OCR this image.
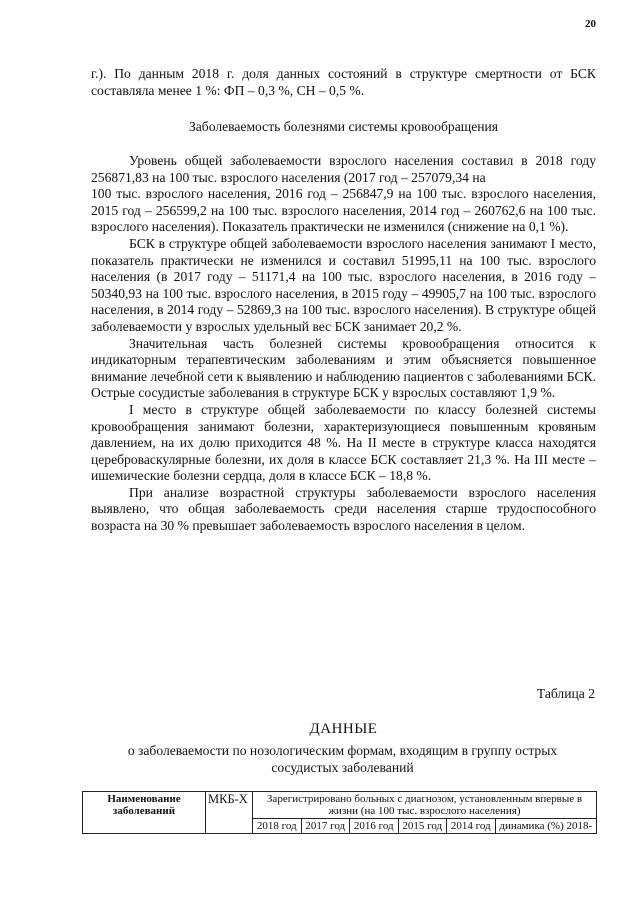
20

г.). По данным 2018 г. доля данных состояний в структуре смертности от БСК составляла менее 1 %: ФП – 0,3 %, СН – 0,5 %.

Заболеваемость болезнями системы кровообращения

Уровень общей заболеваемости взрослого населения составил в 2018 году 256871,83 на 100 тыс. взрослого населения (2017 год – 257079,34 на

100 тыс. взрослого населения, 2016 год – 256847,9 на 100 тыс. взрослого населения, 2015 год – 256599,2 на 100 тыс. взрослого населения, 2014 год – 260762,6 на 100 тыс. взрослого населения). Показатель практически не изменился (снижение на 0,1 %).

БСК в структуре общей заболеваемости взрослого населения занимают I место, показатель практически не изменился и составил 51995,11 на 100 тыс. взрослого населения (в 2017 году – 51171,4 на 100 тыс. взрослого населения, в 2016 году – 50340,93 на 100 тыс. взрослого населения, в 2015 году – 49905,7 на 100 тыс. взрослого населения, в 2014 году – 52869,3 на 100 тыс. взрослого населения). В структуре общей заболеваемости у взрослых удельный вес БСК занимает 20,2 %.

Значительная часть болезней системы кровообращения относится к индикаторным терапевтическим заболеваниям и этим объясняется повышенное внимание лечебной сети к выявлению и наблюдению пациентов с заболеваниями БСК. Острые сосудистые заболевания в структуре БСК у взрослых составляют 1,9 %.

I место в структуре общей заболеваемости по классу болезней системы кровообращения занимают болезни, характеризующиеся повышенным кровяным давлением, на их долю приходится 48 %. На II месте в структуре класса находятся цереброваскулярные болезни, их доля в классе БСК составляет 21,3 %. На III месте – ишемические болезни сердца, доля в классе БСК – 18,8 %.

При анализе возрастной структуры заболеваемости взрослого населения выявлено, что общая заболеваемость среди населения старше трудоспособного возраста на 30 % превышает заболеваемость взрослого населения в целом.

Таблица 2
ДАННЫЕ
о заболеваемости по нозологическим формам, входящим в группу острых сосудистых заболеваний
Наименование заболеваний	МКБ-Х	Зарегистрировано больных с диагнозом, установленным впервые в жизни (на 100 тыс. взрослого населения)					
		2018 год	2017 год	2016 год	2015 год	2014 год	динамика (%) 2018-
